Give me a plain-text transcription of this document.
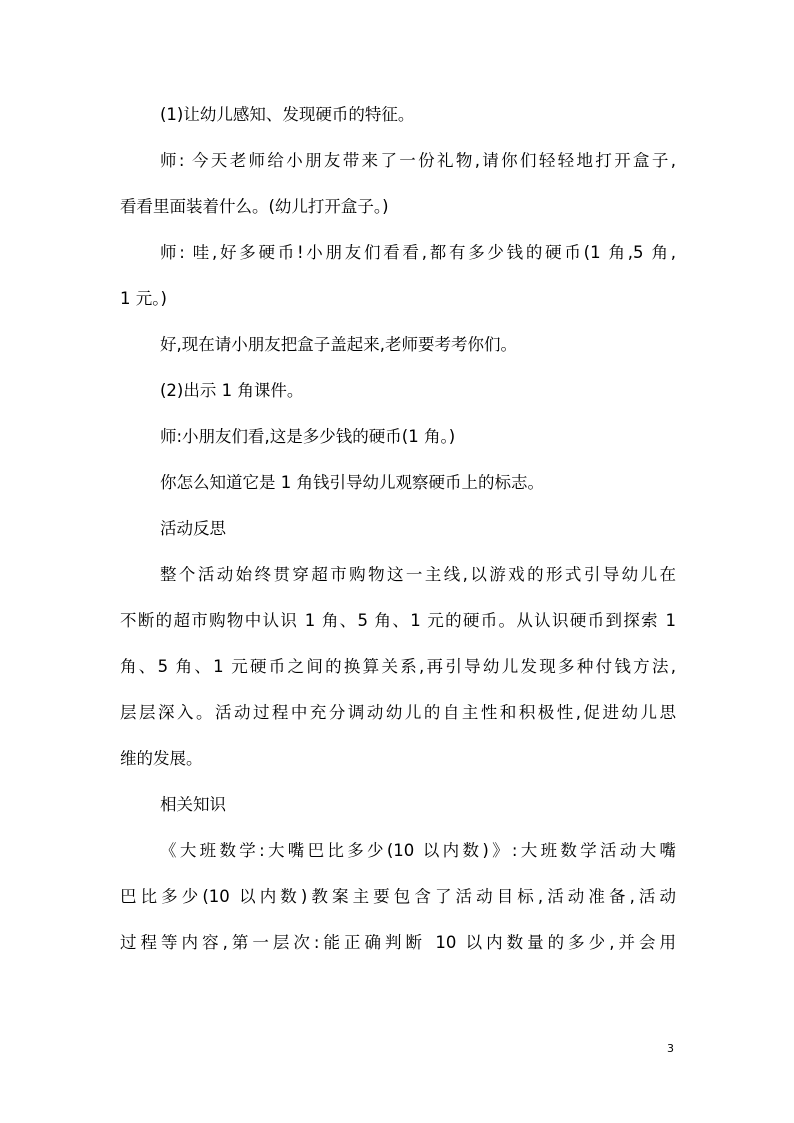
(1)让幼儿感知、发现硬币的特征。

师: 今天老师给小朋友带来了一份礼物,请你们轻轻地打开盒子,
看看里面装着什么。(幼儿打开盒子。)

师: 哇,好多硬币!小朋友们看看,都有多少钱的硬币(1 角,5 角,
1 元。)

好,现在请小朋友把盒子盖起来,老师要考考你们。

(2)出示 1 角课件。

师:小朋友们看,这是多少钱的硬币(1 角。)

你怎么知道它是 1 角钱引导幼儿观察硬币上的标志。

活动反思

整个活动始终贯穿超市购物这一主线,以游戏的形式引导幼儿在
不断的超市购物中认识 1 角、5 角、1 元的硬币。从认识硬币到探索 1
角、5 角、1 元硬币之间的换算关系,再引导幼儿发现多种付钱方法,
层层深入。活动过程中充分调动幼儿的自主性和积极性,促进幼儿思
维的发展。

相关知识

《大班数学:大嘴巴比多少(10 以内数)》:大班数学活动大嘴
巴比多少(10 以内数)教案主要包含了活动目标,活动准备,活动
过程等内容,第一层次:能正确判断 10 以内数量的多少,并会用

3
